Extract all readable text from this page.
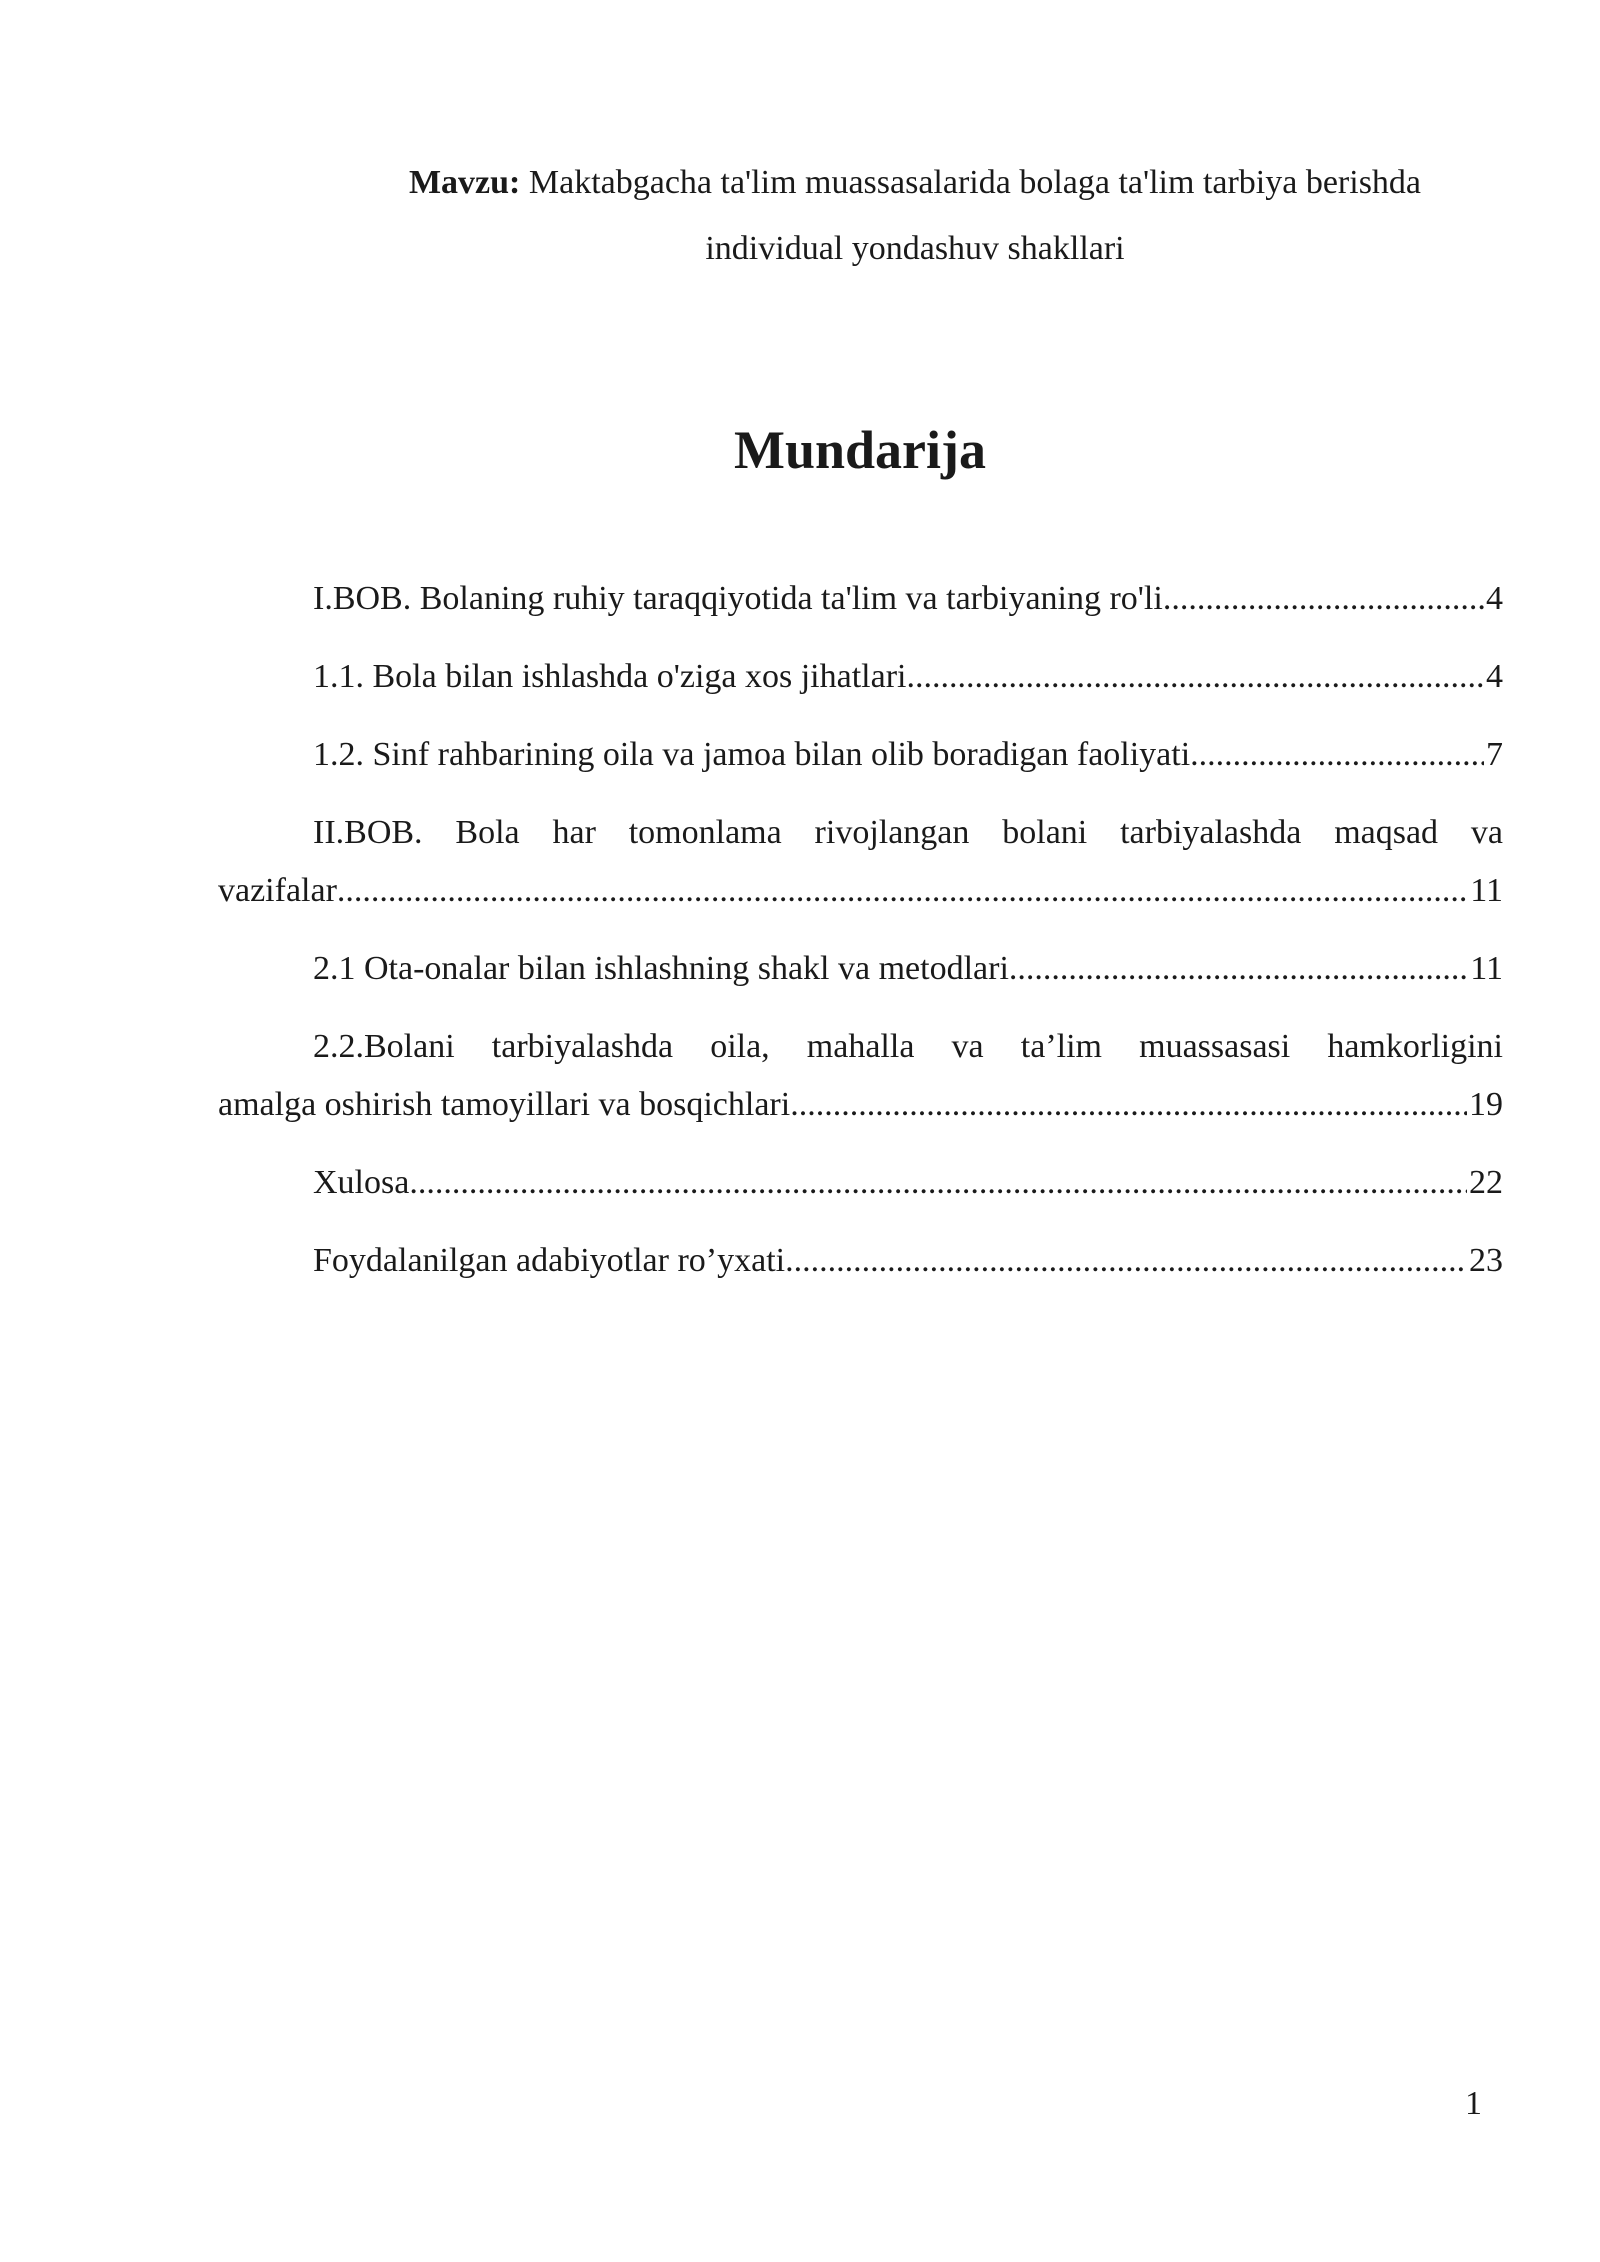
Mavzu: Maktabgacha ta'lim muassasalarida bolaga ta'lim tarbiya berishda
individual yondashuv shakllari
Mundarija
I.BOB. Bolaning ruhiy taraqqiyotida ta'lim va tarbiyaning ro'li .....	4
1.1. Bola bilan ishlashda o'ziga xos jihatlari .....	4
1.2. Sinf rahbarining oila va jamoa bilan olib boradigan faoliyati .....	7
II.BOB. Bola har tomonlama rivojlangan bolani tarbiyalashda maqsad va
vazifalar .....	11
2.1 Ota-onalar bilan ishlashning shakl va metodlari .....	11
2.2.Bolani tarbiyalashda oila, mahalla va ta’lim muassasasi hamkorligini
amalga oshirish tamoyillari va bosqichlari .....	19
Xulosa .....	22
Foydalanilgan adabiyotlar ro’yxati .....	23
1
